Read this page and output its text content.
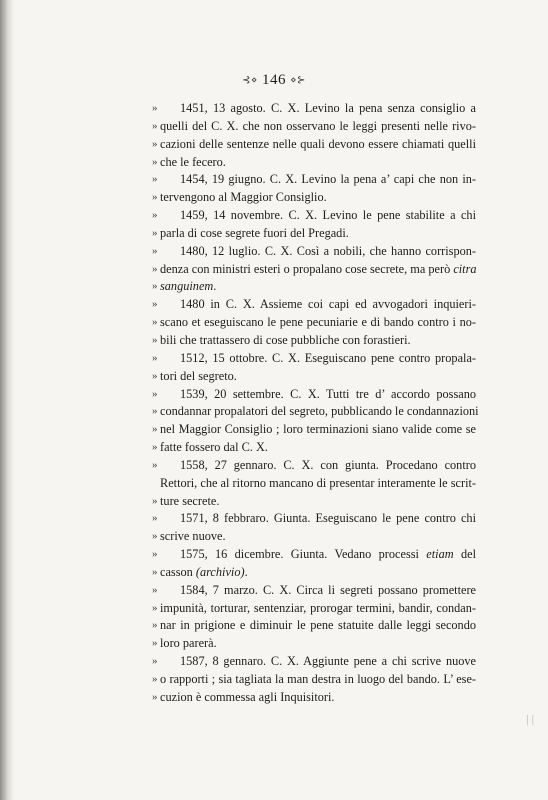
⊰⋄ 146 ⋄⊱
» 1451, 13 agosto. C. X. Levino la pena senza consiglio a
» quelli del C. X. che non osservano le leggi presenti nelle rivo-
» cazioni delle sentenze nelle quali devono essere chiamati quelli
» che le fecero.
» 1454, 19 giugno. C. X. Levino la pena a’ capi che non in-
» tervengono al Maggior Consiglio.
» 1459, 14 novembre. C. X. Levino le pene stabilite a chi
» parla di cose segrete fuori del Pregadi.
» 1480, 12 luglio. C. X. Così a nobili, che hanno corrispon-
» denza con ministri esteri o propalano cose secrete, ma però citra
» sanguinem.
» 1480 in C. X. Assieme coi capi ed avvogadori inquieri-
» scano et eseguiscano le pene pecuniarie e di bando contro i no-
» bili che trattassero di cose pubbliche con forastieri.
» 1512, 15 ottobre. C. X. Eseguiscano pene contro propala-
» tori del segreto.
» 1539, 20 settembre. C. X. Tutti tre d’ accordo possano
» condannar propalatori del segreto, pubblicando le condannazioni
» nel Maggior Consiglio ; loro terminazioni siano valide come se
» fatte fossero dal C. X.
» 1558, 27 gennaro. C. X. con giunta. Procedano contro
Rettori, che al ritorno mancano di presentar interamente le scrit-
» ture secrete.
» 1571, 8 febbraro. Giunta. Eseguiscano le pene contro chi
» scrive nuove.
» 1575, 16 dicembre. Giunta. Vedano processi etiam del
» casson (archivio).
» 1584, 7 marzo. C. X. Circa li segreti possano promettere
» impunità, torturar, sentenziar, prorogar termini, bandir, condan-
» nar in prigione e diminuir le pene statuite dalle leggi secondo
» loro parerà.
» 1587, 8 gennaro. C. X. Aggiunte pene a chi scrive nuove
» o rapporti ; sia tagliata la man destra in luogo del bando. L’ ese-
» cuzion è commessa agli Inquisitori.
| |
